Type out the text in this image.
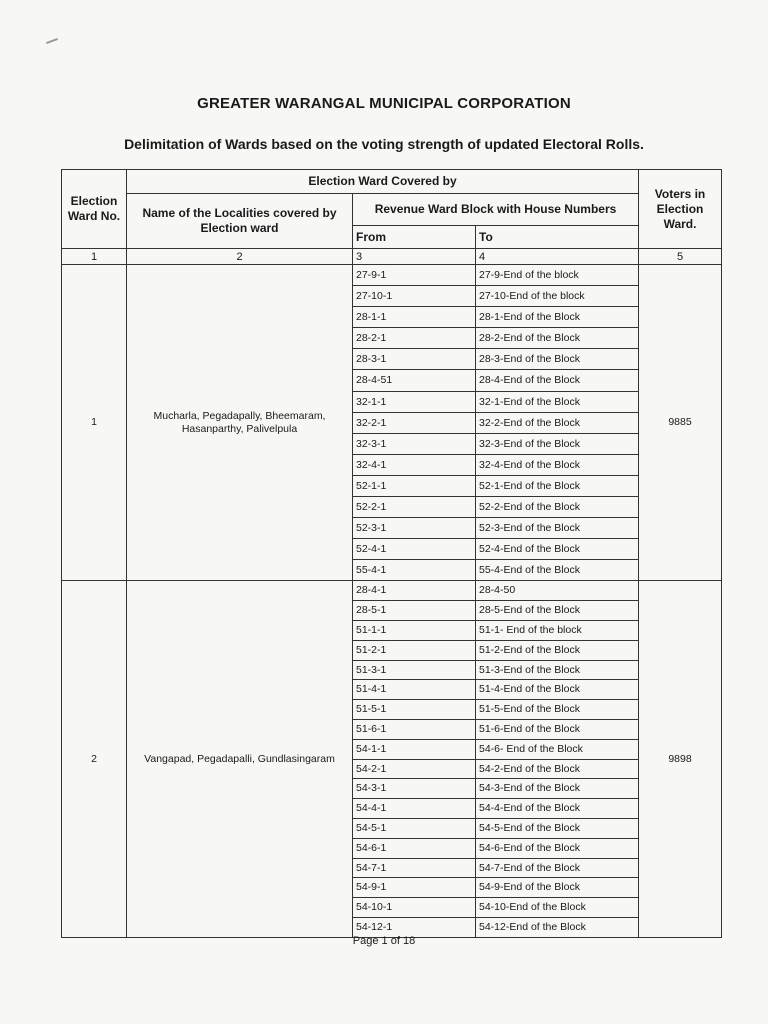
GREATER WARANGAL MUNICIPAL CORPORATION
Delimitation of Wards based on the voting strength of updated Electoral Rolls.
Election Ward No.	Election Ward Covered by			Voters in Election Ward.
	Name of the Localities covered by Election ward	Revenue Ward Block with House Numbers		
		From	To	
1	2	3	4	5
1	Mucharla, Pegadapally, Bheemaram, Hasanparthy, Palivelpula	27-9-1	27-9-End of the block	9885
		27-10-1	27-10-End of the block	
		28-1-1	28-1-End of the Block	
		28-2-1	28-2-End of the Block	
		28-3-1	28-3-End of the Block	
		28-4-51	28-4-End of the Block	
		32-1-1	32-1-End of the Block	
		32-2-1	32-2-End of the Block	
		32-3-1	32-3-End of the Block	
		32-4-1	32-4-End of the Block	
		52-1-1	52-1-End of the Block	
		52-2-1	52-2-End of the Block	
		52-3-1	52-3-End of the Block	
		52-4-1	52-4-End of the Block	
		55-4-1	55-4-End of the Block	
2	Vangapad, Pegadapalli, Gundlasingaram	28-4-1	28-4-50	9898
		28-5-1	28-5-End of the Block	
		51-1-1	51-1- End of the block	
		51-2-1	51-2-End of the Block	
		51-3-1	51-3-End of the Block	
		51-4-1	51-4-End of the Block	
		51-5-1	51-5-End of the Block	
		51-6-1	51-6-End of the Block	
		54-1-1	54-6- End of the Block	
		54-2-1	54-2-End of the Block	
		54-3-1	54-3-End of the Block	
		54-4-1	54-4-End of the Block	
		54-5-1	54-5-End of the Block	
		54-6-1	54-6-End of the Block	
		54-7-1	54-7-End of the Block	
		54-9-1	54-9-End of the Block	
		54-10-1	54-10-End of the Block	
		54-12-1	54-12-End of the Block	
Page 1 of 18
